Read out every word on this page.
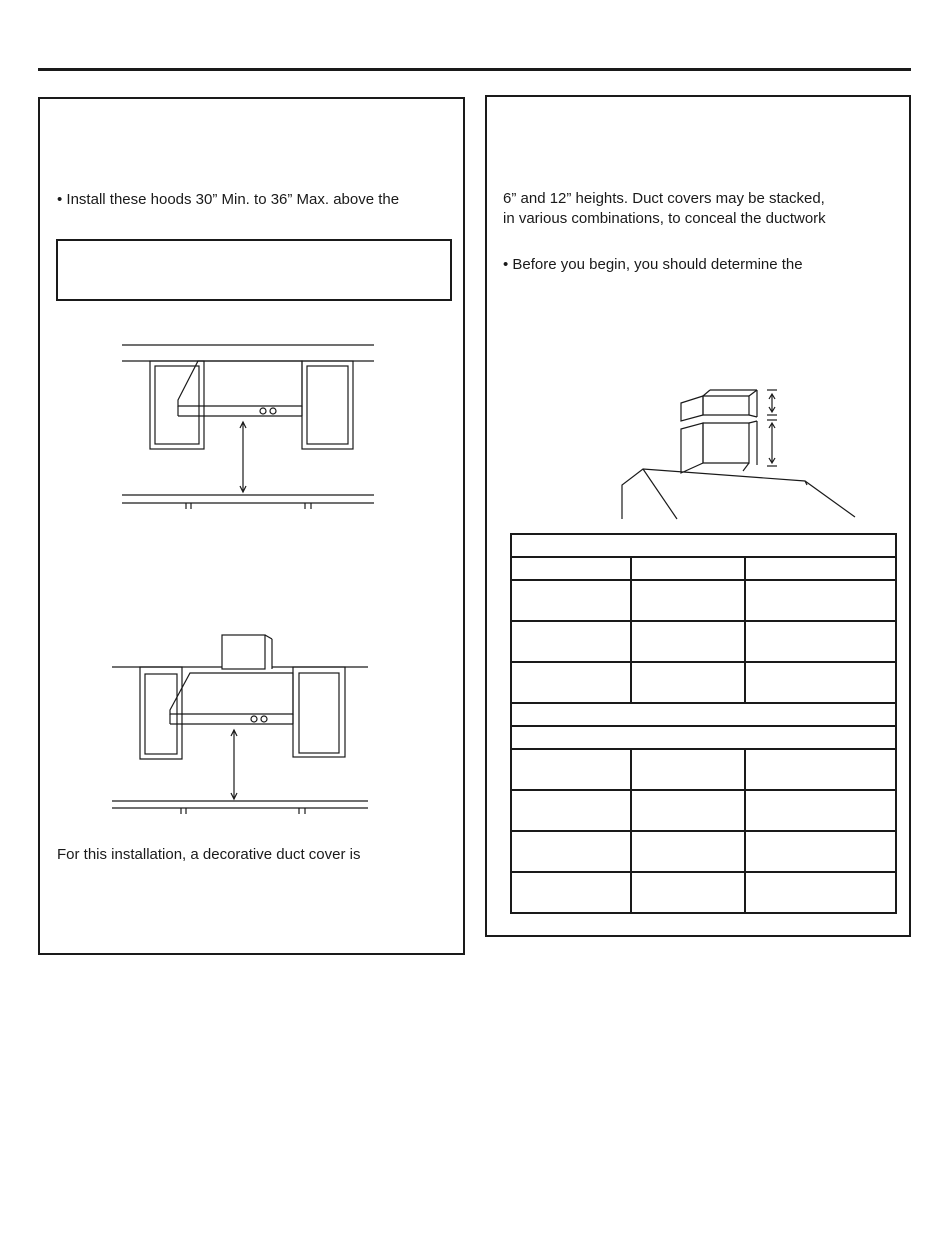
• Install these hoods 30” Min. to 36” Max. above the
For this installation, a decorative duct cover is
6” and 12” heights. Duct covers may be stacked,
in various combinations, to conceal the ductwork
• Before you begin, you should determine the
